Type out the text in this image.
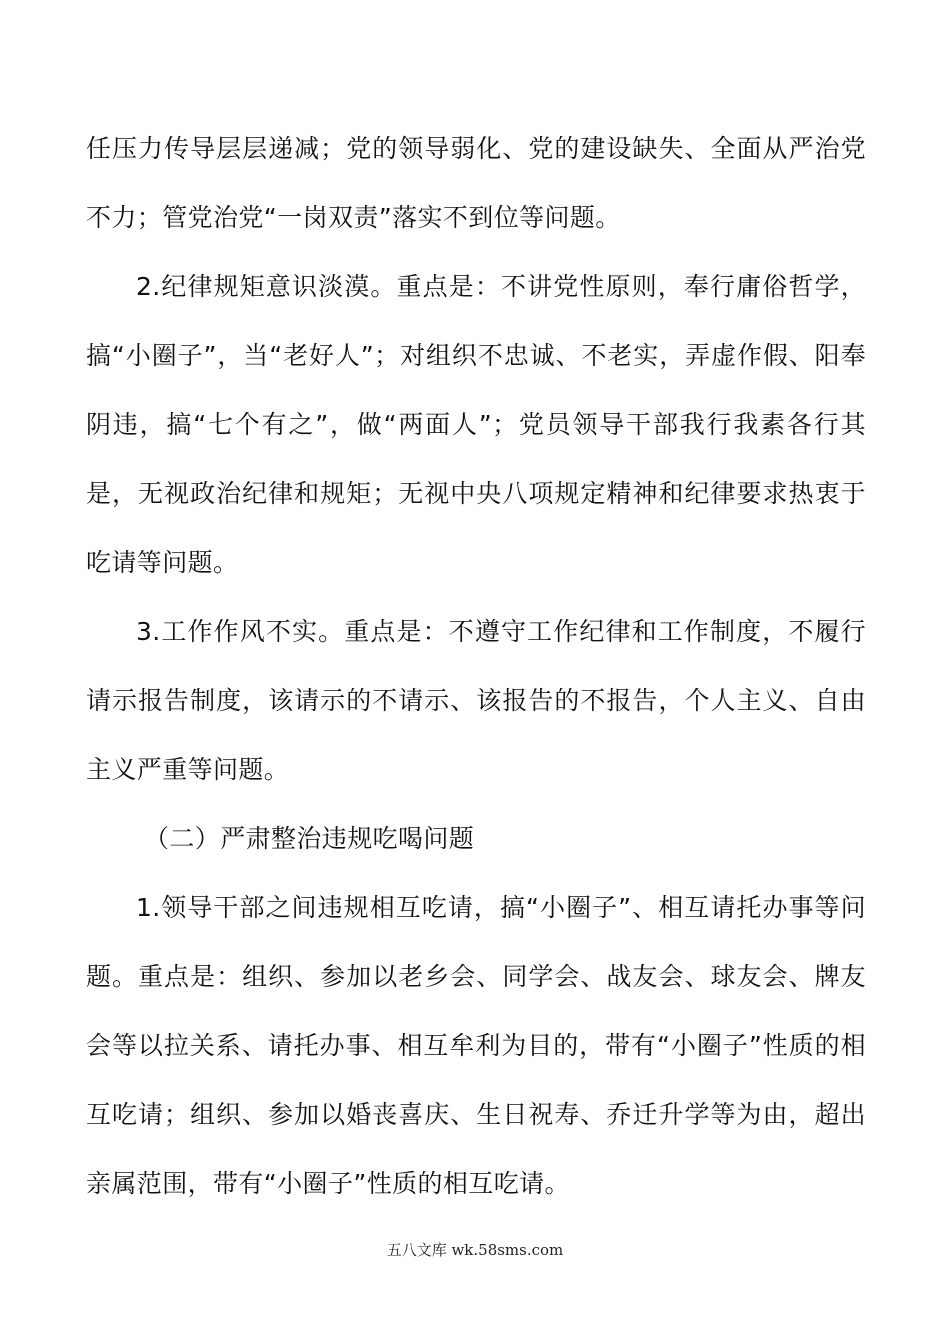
任压力传导层层递减；党的领导弱化、党的建设缺失、全面从严治党不力；管党治党“一岗双责”落实不到位等问题。

2.纪律规矩意识淡漠。重点是：不讲党性原则，奉行庸俗哲学，搞“小圈子”，当“老好人”；对组织不忠诚、不老实，弄虚作假、阳奉阴违，搞“七个有之”，做“两面人”；党员领导干部我行我素各行其是，无视政治纪律和规矩；无视中央八项规定精神和纪律要求热衷于吃请等问题。

3.工作作风不实。重点是：不遵守工作纪律和工作制度，不履行请示报告制度，该请示的不请示、该报告的不报告，个人主义、自由主义严重等问题。

（二）严肃整治违规吃喝问题

1.领导干部之间违规相互吃请，搞“小圈子”、相互请托办事等问题。重点是：组织、参加以老乡会、同学会、战友会、球友会、牌友会等以拉关系、请托办事、相互牟利为目的，带有“小圈子”性质的相互吃请；组织、参加以婚丧喜庆、生日祝寿、乔迁升学等为由，超出亲属范围，带有“小圈子”性质的相互吃请。

五八文库 wk.58sms.com
